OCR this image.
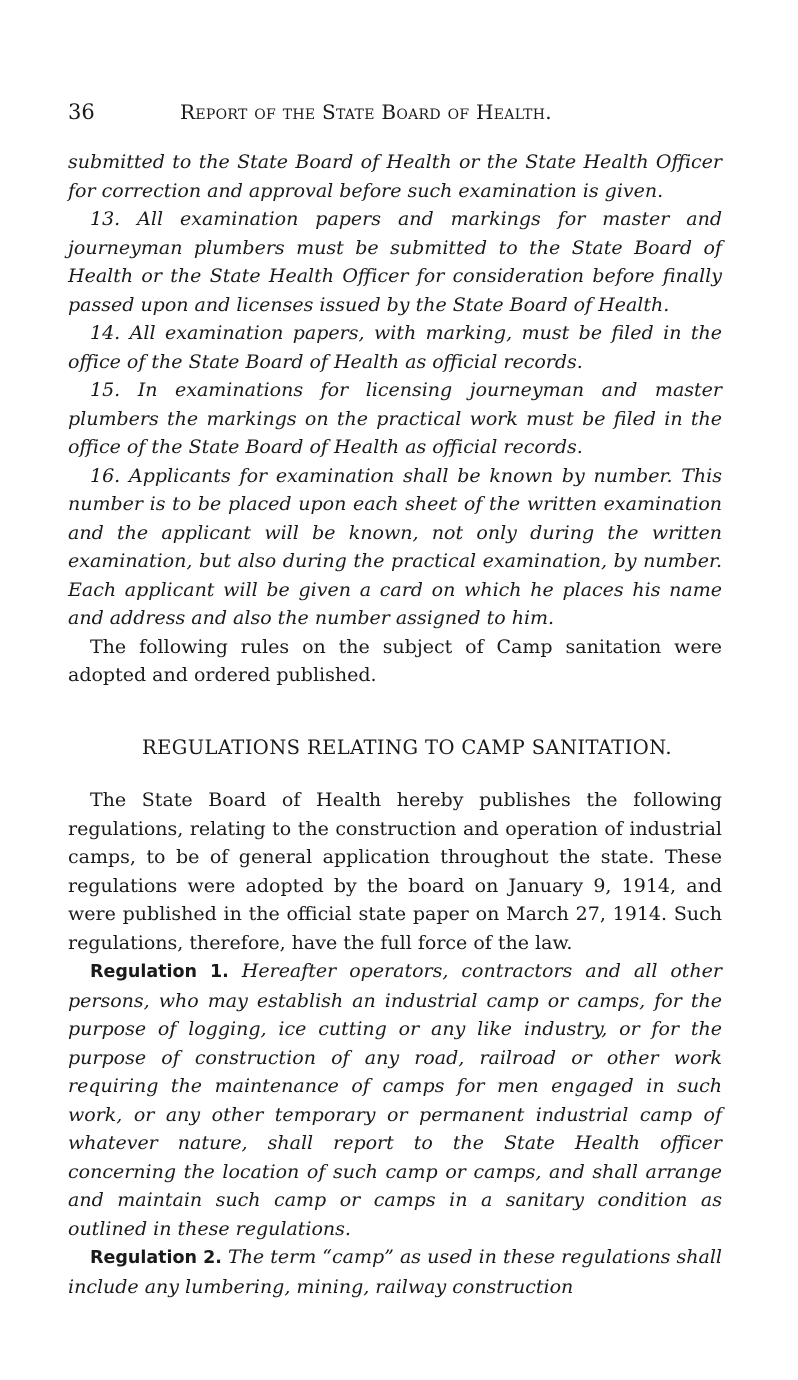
36	Report of the State Board of Health.

submitted to the State Board of Health or the State Health Officer for correction and approval before such examination is given.

13. All examination papers and markings for master and journeyman plumbers must be submitted to the State Board of Health or the State Health Officer for consideration before finally passed upon and licenses issued by the State Board of Health.

14. All examination papers, with marking, must be filed in the office of the State Board of Health as official records.

15. In examinations for licensing journeyman and master plumbers the markings on the practical work must be filed in the office of the State Board of Health as official records.

16. Applicants for examination shall be known by number. This number is to be placed upon each sheet of the written examination and the applicant will be known, not only during the written examination, but also during the practical examination, by number. Each applicant will be given a card on which he places his name and address and also the number assigned to him.

The following rules on the subject of Camp sanitation were adopted and ordered published.

REGULATIONS RELATING TO CAMP SANITATION.

The State Board of Health hereby publishes the following regulations, relating to the construction and operation of industrial camps, to be of general application throughout the state. These regulations were adopted by the board on January 9, 1914, and were published in the official state paper on March 27, 1914. Such regulations, therefore, have the full force of the law.

Regulation 1. Hereafter operators, contractors and all other persons, who may establish an industrial camp or camps, for the purpose of logging, ice cutting or any like industry, or for the purpose of construction of any road, railroad or other work requiring the maintenance of camps for men engaged in such work, or any other temporary or permanent industrial camp of whatever nature, shall report to the State Health officer concerning the location of such camp or camps, and shall arrange and maintain such camp or camps in a sanitary condition as outlined in these regulations.

Regulation 2. The term “camp” as used in these regulations shall include any lumbering, mining, railway construction
